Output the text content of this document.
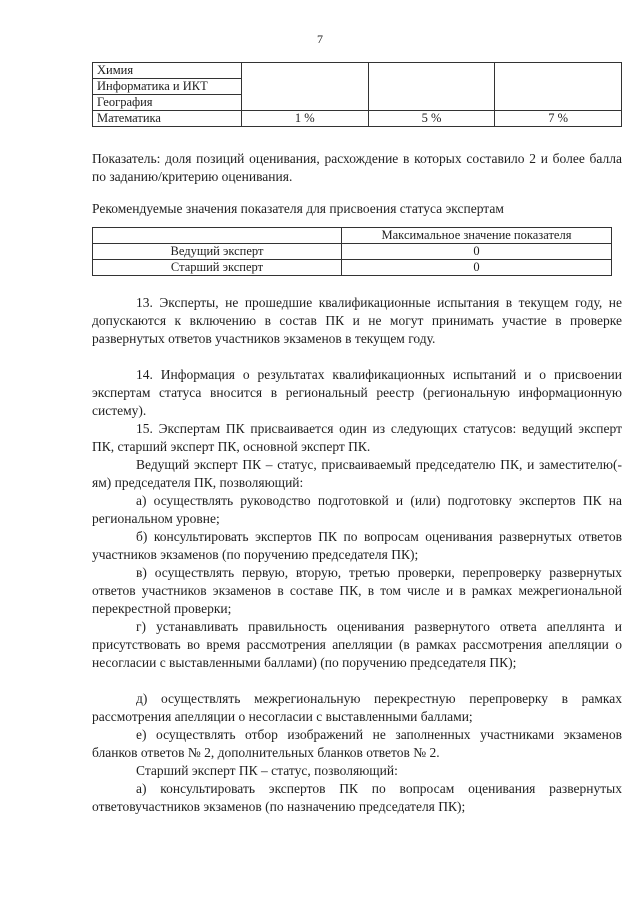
7
Химия			
Информатика и ИКТ			
География			
Математика	1 %	5 %	7 %

Показатель: доля позиций оценивания, расхождение в которых составило 2 и более балла по заданию/критерию оценивания.

Рекомендуемые значения показателя для присвоения статуса экспертам

	Максимальное значение показателя
Ведущий эксперт	0
Старший эксперт	0

13. Эксперты, не прошедшие квалификационные испытания в текущем году, не допускаются к включению в состав ПК и не могут принимать участие в проверке развернутых ответов участников экзаменов в текущем году.

14. Информация о результатах квалификационных испытаний и о присвоении экспертам статуса вносится в региональный реестр (региональную информационную систему).

15. Экспертам ПК присваивается один из следующих статусов: ведущий эксперт ПК, старший эксперт ПК, основной эксперт ПК.

Ведущий эксперт ПК – статус, присваиваемый председателю ПК, и заместителю(-ям) председателя ПК, позволяющий:

а) осуществлять руководство подготовкой и (или) подготовку экспертов ПК на региональном уровне;

б) консультировать экспертов ПК по вопросам оценивания развернутых ответов участников экзаменов (по поручению председателя ПК);

в) осуществлять первую, вторую, третью проверки, перепроверку развернутых ответов участников экзаменов в составе ПК, в том числе и в рамках межрегиональной перекрестной проверки;

г) устанавливать правильность оценивания развернутого ответа апеллянта и присутствовать во время рассмотрения апелляции (в рамках рассмотрения апелляции о несогласии с выставленными баллами) (по поручению председателя ПК);

д) осуществлять межрегиональную перекрестную перепроверку в рамках рассмотрения апелляции о несогласии с выставленными баллами;

е) осуществлять отбор изображений не заполненных участниками экзаменов бланков ответов № 2, дополнительных бланков ответов № 2.

Старший эксперт ПК – статус, позволяющий:

а) консультировать экспертов ПК по вопросам оценивания развернутых ответовучастников экзаменов (по назначению председателя ПК);
